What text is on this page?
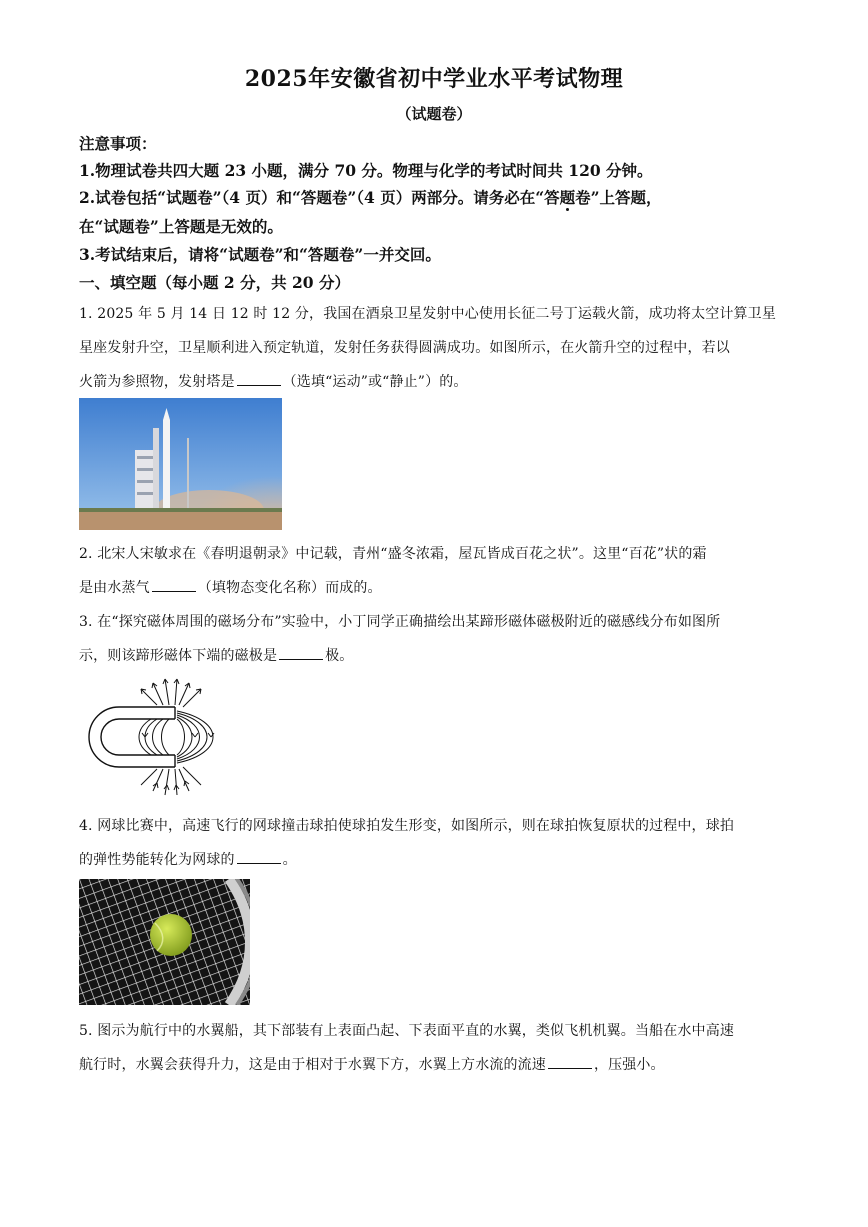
2025年安徽省初中学业水平考试物理
（试题卷）
注意事项：
1.物理试卷共四大题 23 小题，满分 70 分。物理与化学的考试时间共 120 分钟。
2.试卷包括“试题卷”（4 页）和“答题卷”（4 页）两部分。请务必在“答题卷”上答题，
在“试题卷”上答题是无效的。
3.考试结束后，请将“试题卷”和“答题卷”一并交回。
一、填空题（每小题 2 分，共 20 分）
1. 2025 年 5 月 14 日 12 时 12 分，我国在酒泉卫星发射中心使用长征二号丁运载火箭，成功将太空计算卫星
星座发射升空，卫星顺利进入预定轨道，发射任务获得圆满成功。如图所示，在火箭升空的过程中，若以
火箭为参照物，发射塔是	（选填“运动”或“静止”）的。
2. 北宋人宋敏求在《春明退朝录》中记载，青州“盛冬浓霜，屋瓦皆成百花之状”。这里“百花”状的霜
是由水蒸气	（填物态变化名称）而成的。
3. 在“探究磁体周围的磁场分布”实验中，小丁同学正确描绘出某蹄形磁体磁极附近的磁感线分布如图所
示，则该蹄形磁体下端的磁极是	极。
4. 网球比赛中，高速飞行的网球撞击球拍使球拍发生形变，如图所示，则在球拍恢复原状的过程中，球拍
的弹性势能转化为网球的	。
5. 图示为航行中的水翼船，其下部装有上表面凸起、下表面平直的水翼，类似飞机机翼。当船在水中高速
航行时，水翼会获得升力，这是由于相对于水翼下方，水翼上方水流的流速	，压强小。
